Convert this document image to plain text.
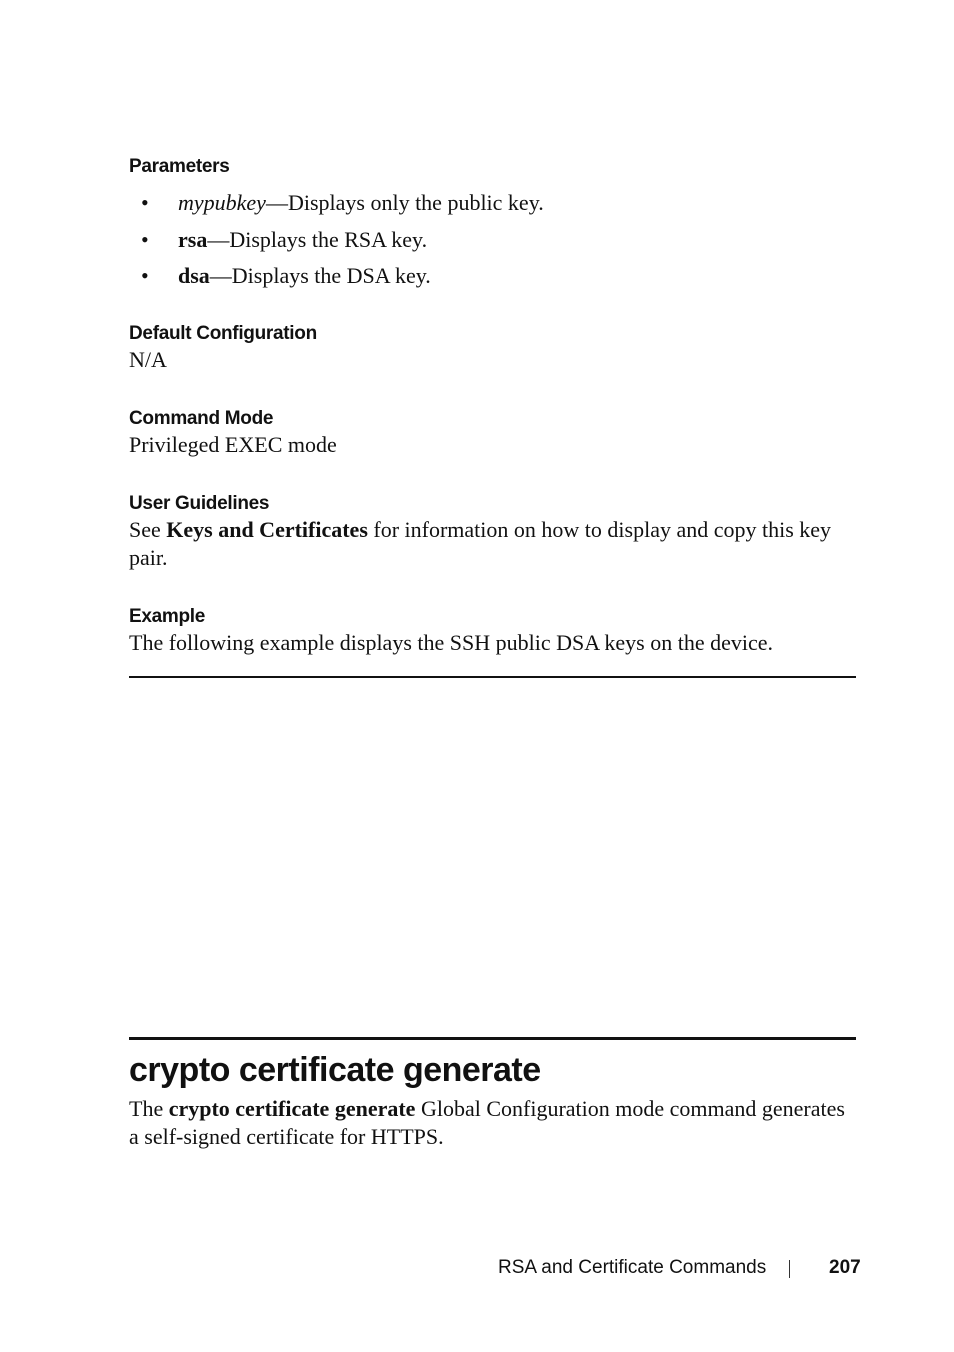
Parameters
• mypubkey—Displays only the public key.
• rsa—Displays the RSA key.
• dsa—Displays the DSA key.
Default Configuration

N/A

Command Mode

Privileged EXEC mode

User Guidelines

See Keys and Certificates for information on how to display and copy this key pair.

Example

The following example displays the SSH public DSA keys on the device.

crypto certificate generate

The crypto certificate generate Global Configuration mode command generates a self-signed certificate for HTTPS.

RSA and Certificate Commands	207
